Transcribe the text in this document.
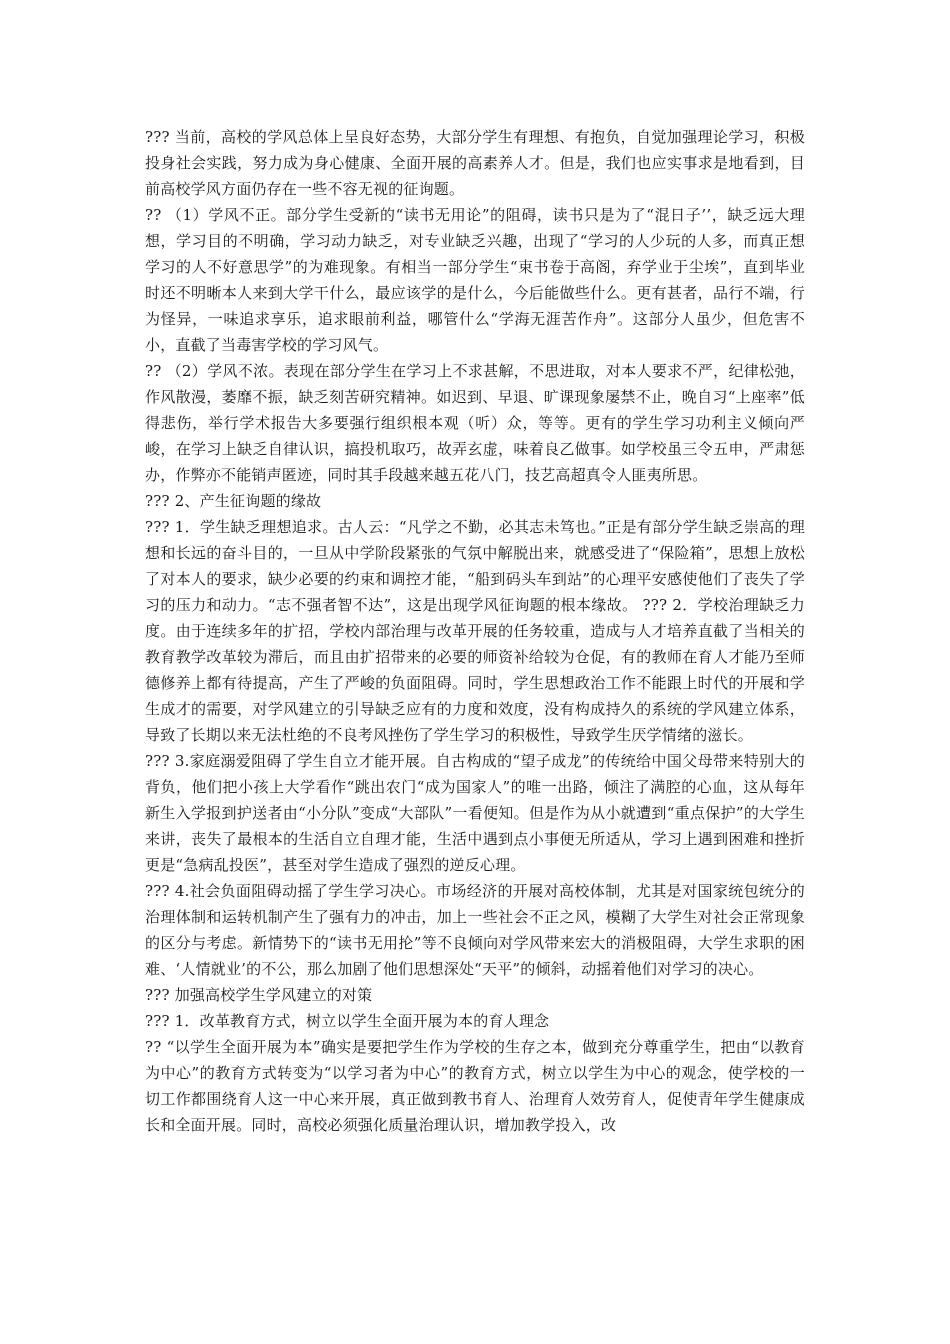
??? 当前，高校的学风总体上呈良好态势，大部分学生有理想、有抱负，自觉加强理论学习，积极投身社会实践，努力成为身心健康、全面开展的高素养人才。但是，我们也应实事求是地看到，目前高校学风方面仍存在一些不容无视的征询题。

?? （1）学风不正。部分学生受新的“读书无用论”的阻碍，读书只是为了“混日子’’，缺乏远大理想，学习目的不明确，学习动力缺乏，对专业缺乏兴趣，出现了“学习的人少玩的人多，而真正想学习的人不好意思学”的为难现象。有相当一部分学生“束书卷于高阁，弃学业于尘埃”，直到毕业时还不明晰本人来到大学干什么，最应该学的是什么，今后能做些什么。更有甚者，品行不端，行为怪异，一味追求享乐，追求眼前利益，哪管什么“学海无涯苦作舟”。这部分人虽少，但危害不小，直截了当毒害学校的学习风气。

?? （2）学风不浓。表现在部分学生在学习上不求甚解，不思进取，对本人要求不严，纪律松弛，作风散漫，萎靡不振，缺乏刻苦研究精神。如迟到、早退、旷课现象屡禁不止，晚自习“上座率”低得悲伤，举行学术报告大多要强行组织根本观（听）众，等等。更有的学生学习功利主义倾向严峻，在学习上缺乏自律认识，搞投机取巧，故弄玄虚，味着良乙做事。如学校虽三令五申，严肃惩办，作弊亦不能销声匿迹，同时其手段越来越五花八门，技艺高超真令人匪夷所思。

??? 2、产生征询题的缘故

??? 1．学生缺乏理想追求。古人云：“凡学之不勤，必其志未笃也。”正是有部分学生缺乏崇高的理想和长远的奋斗目的，一旦从中学阶段紧张的气氛中解脱出来，就感受进了“保险箱”，思想上放松了对本人的要求，缺少必要的约束和调控才能，“船到码头车到站”的心理平安感使他们了丧失了学习的压力和动力。“志不强者智不达”，这是出现学风征询题的根本缘故。 ??? 2．学校治理缺乏力度。由于连续多年的扩招，学校内部治理与改革开展的任务较重，造成与人才培养直截了当相关的教育教学改革较为滞后，而且由扩招带来的必要的师资补给较为仓促，有的教师在育人才能乃至师德修养上都有待提高，产生了严峻的负面阻碍。同时，学生思想政治工作不能跟上时代的开展和学生成才的需要，对学风建立的引导缺乏应有的力度和效度，没有构成持久的系统的学风建立体系，导致了长期以来无法杜绝的不良考风挫伤了学生学习的积极性，导致学生厌学情绪的滋长。

??? 3.家庭溺爱阻碍了学生自立才能开展。自古构成的“望子成龙”的传统给中国父母带来特别大的背负，他们把小孩上大学看作“跳出农门“成为国家人”的唯一出路，倾注了满腔的心血，这从每年新生入学报到护送者由“小分队”变成“大部队”一看便知。但是作为从小就遭到“重点保护”的大学生来讲，丧失了最根本的生活自立自理才能，生活中遇到点小事便无所适从，学习上遇到困难和挫折更是“急病乱投医”，甚至对学生造成了强烈的逆反心理。

??? 4.社会负面阻碍动摇了学生学习决心。市场经济的开展对高校体制，尤其是对国家统包统分的治理体制和运转机制产生了强有力的冲击，加上一些社会不正之风，模糊了大学生对社会正常现象的区分与考虑。新情势下的“读书无用抡”等不良倾向对学风带来宏大的消极阻碍，大学生求职的困难、‘人情就业’的不公，那么加剧了他们思想深处“天平”的倾斜，动摇着他们对学习的决心。

??? 加强高校学生学风建立的对策

??? 1．改革教育方式，树立以学生全面开展为本的育人理念

?? “以学生全面开展为本”确实是要把学生作为学校的生存之本，做到充分尊重学生，把由“以教育为中心”的教育方式转变为“以学习者为中心”的教育方式，树立以学生为中心的观念，使学校的一切工作都围绕育人这一中心来开展，真正做到教书育人、治理育人效劳育人，促使青年学生健康成长和全面开展。同时，高校必须强化质量治理认识，增加教学投入，改
